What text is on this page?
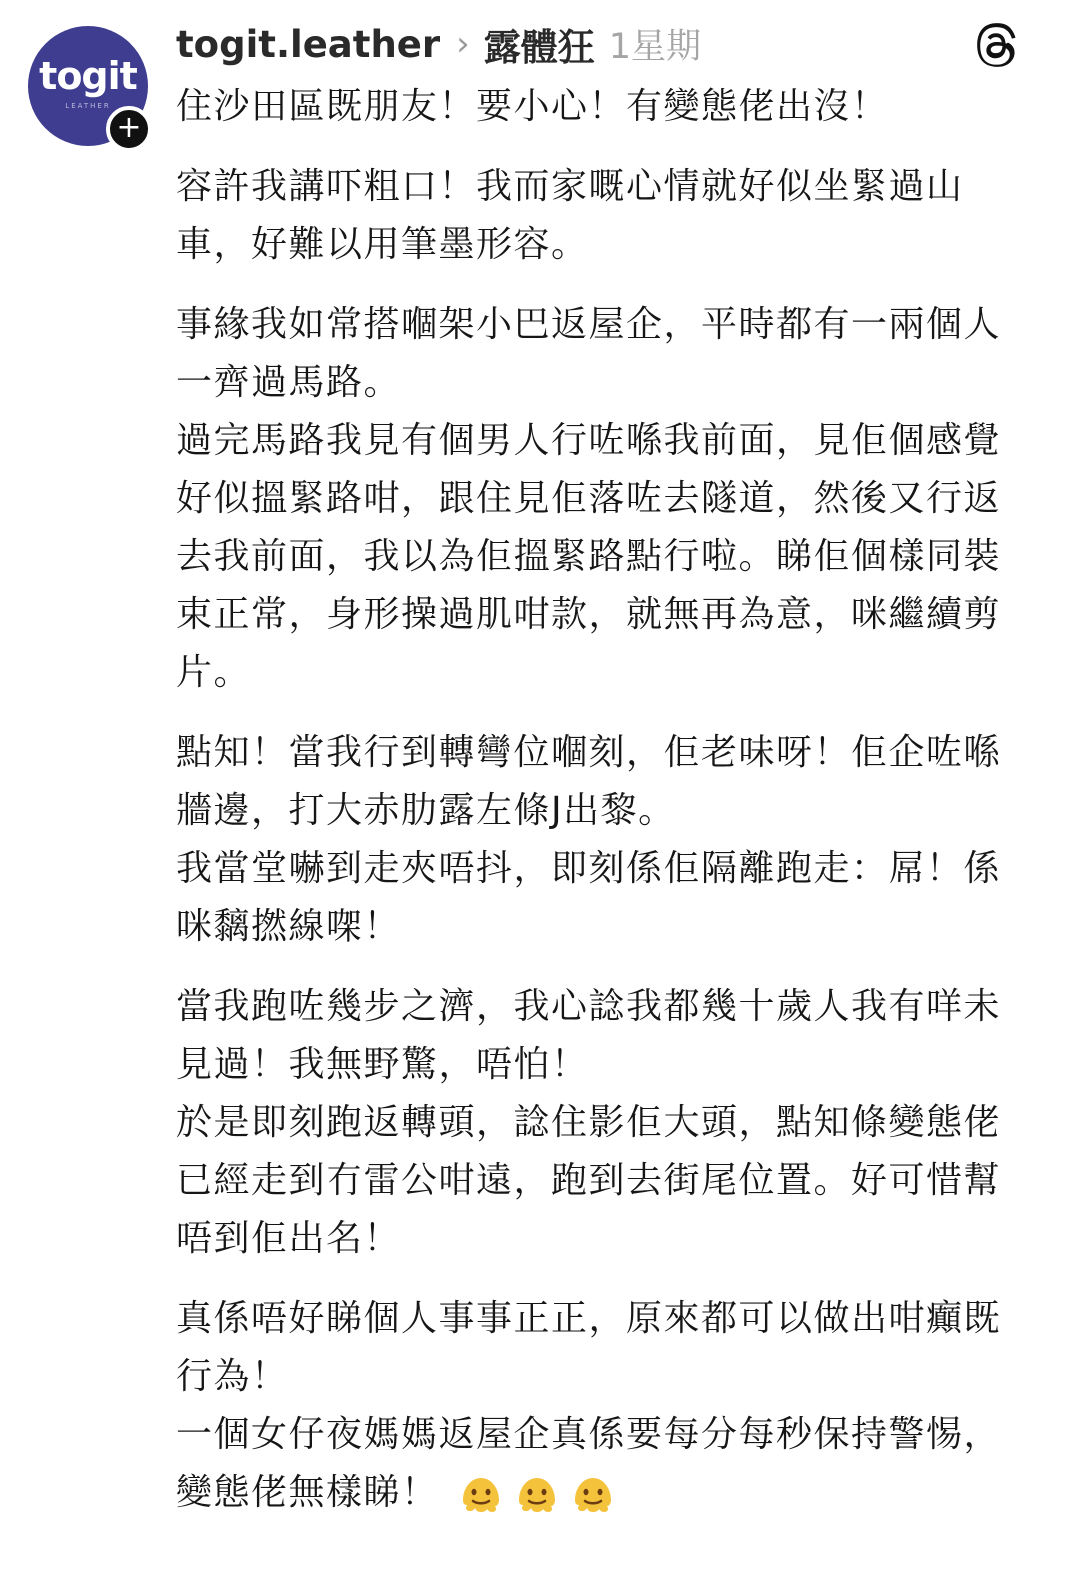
togit
LEATHER
+
togit.leather › 露體狂 1星期

住沙田區既朋友！要小心！有變態佬出沒！

容許我講吓粗口！我而家嘅心情就好似坐緊過山車，好難以用筆墨形容。

事緣我如常搭嗰架小巴返屋企，平時都有一兩個人一齊過馬路。

過完馬路我見有個男人行咗喺我前面，見佢個感覺好似搵緊路咁，跟住見佢落咗去隧道，然後又行返去我前面，我以為佢搵緊路點行啦。睇佢個樣同裝束正常，身形操過肌咁款，就無再為意，咪繼續剪片。

點知！當我行到轉彎位嗰刻，佢老味呀！佢企咗喺牆邊，打大赤肋露左條J出黎。

我當堂嚇到走夾唔抖，即刻係佢隔離跑走：屌！係咪黐撚線㗎！

當我跑咗幾步之濟，我心諗我都幾十歲人我有咩未見過！我無野驚，唔怕！

於是即刻跑返轉頭，諗住影佢大頭，點知條變態佬已經走到冇雷公咁遠，跑到去街尾位置。好可惜幫唔到佢出名！

真係唔好睇個人事事正正，原來都可以做出咁癲既行為！

一個女仔夜媽媽返屋企真係要每分每秒保持警惕，變態佬無樣睇！
